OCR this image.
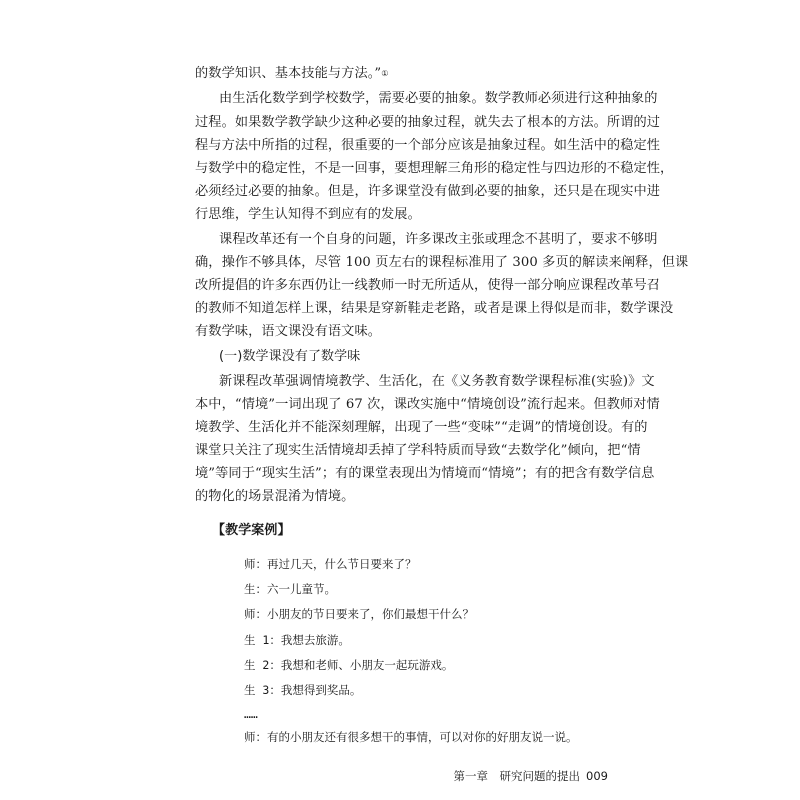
的数学知识、基本技能与方法。”①
由生活化数学到学校数学，需要必要的抽象。数学教师必须进行这种抽象的
过程。如果数学教学缺少这种必要的抽象过程，就失去了根本的方法。所谓的过
程与方法中所指的过程，很重要的一个部分应该是抽象过程。如生活中的稳定性
与数学中的稳定性，不是一回事，要想理解三角形的稳定性与四边形的不稳定性，
必须经过必要的抽象。但是，许多课堂没有做到必要的抽象，还只是在现实中进
行思维，学生认知得不到应有的发展。
课程改革还有一个自身的问题，许多课改主张或理念不甚明了，要求不够明
确，操作不够具体，尽管 100 页左右的课程标准用了 300 多页的解读来阐释，但课
改所提倡的许多东西仍让一线教师一时无所适从，使得一部分响应课程改革号召
的教师不知道怎样上课，结果是穿新鞋走老路，或者是课上得似是而非，数学课没
有数学味，语文课没有语文味。
(一)数学课没有了数学味
新课程改革强调情境教学、生活化，在《义务教育数学课程标准(实验)》文
本中，“情境”一词出现了 67 次，课改实施中“情境创设”流行起来。但教师对情
境教学、生活化并不能深刻理解，出现了一些“变味”“走调”的情境创设。有的
课堂只关注了现实生活情境却丢掉了学科特质而导致“去数学化”倾向，把“情
境”等同于“现实生活”；有的课堂表现出为情境而“情境”；有的把含有数学信息
的物化的场景混淆为情境。
【教学案例】
师：再过几天，什么节日要来了？
生：六一儿童节。
师：小朋友的节日要来了，你们最想干什么？
生 1：我想去旅游。
生 2：我想和老师、小朋友一起玩游戏。
生 3：我想得到奖品。
……
师：有的小朋友还有很多想干的事情，可以对你的好朋友说一说。
第一章　研究问题的提出 009
